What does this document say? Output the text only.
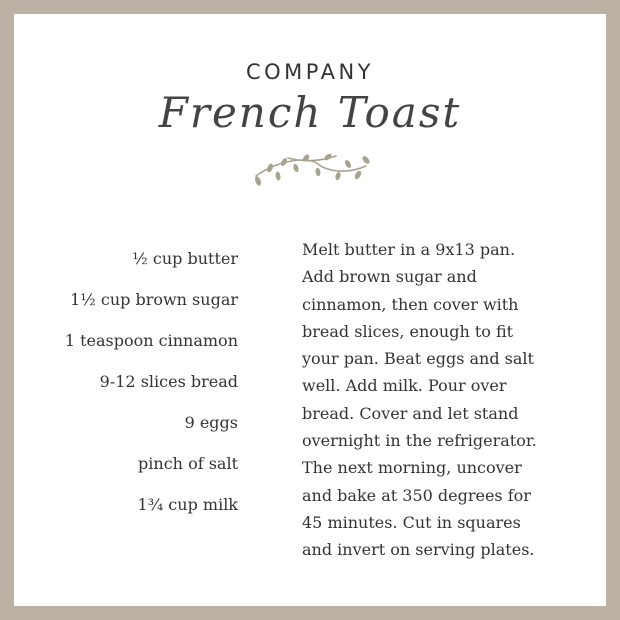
COMPANY
French Toast
½ cup butter
1½ cup brown sugar
1 teaspoon cinnamon
9-12 slices bread
9 eggs
pinch of salt
1¾ cup milk

Melt butter in a 9x13 pan.
Add brown sugar and
cinnamon, then cover with
bread slices, enough to fit
your pan. Beat eggs and salt
well. Add milk. Pour over
bread. Cover and let stand
overnight in the refrigerator.
The next morning, uncover
and bake at 350 degrees for
45 minutes. Cut in squares
and invert on serving plates.
